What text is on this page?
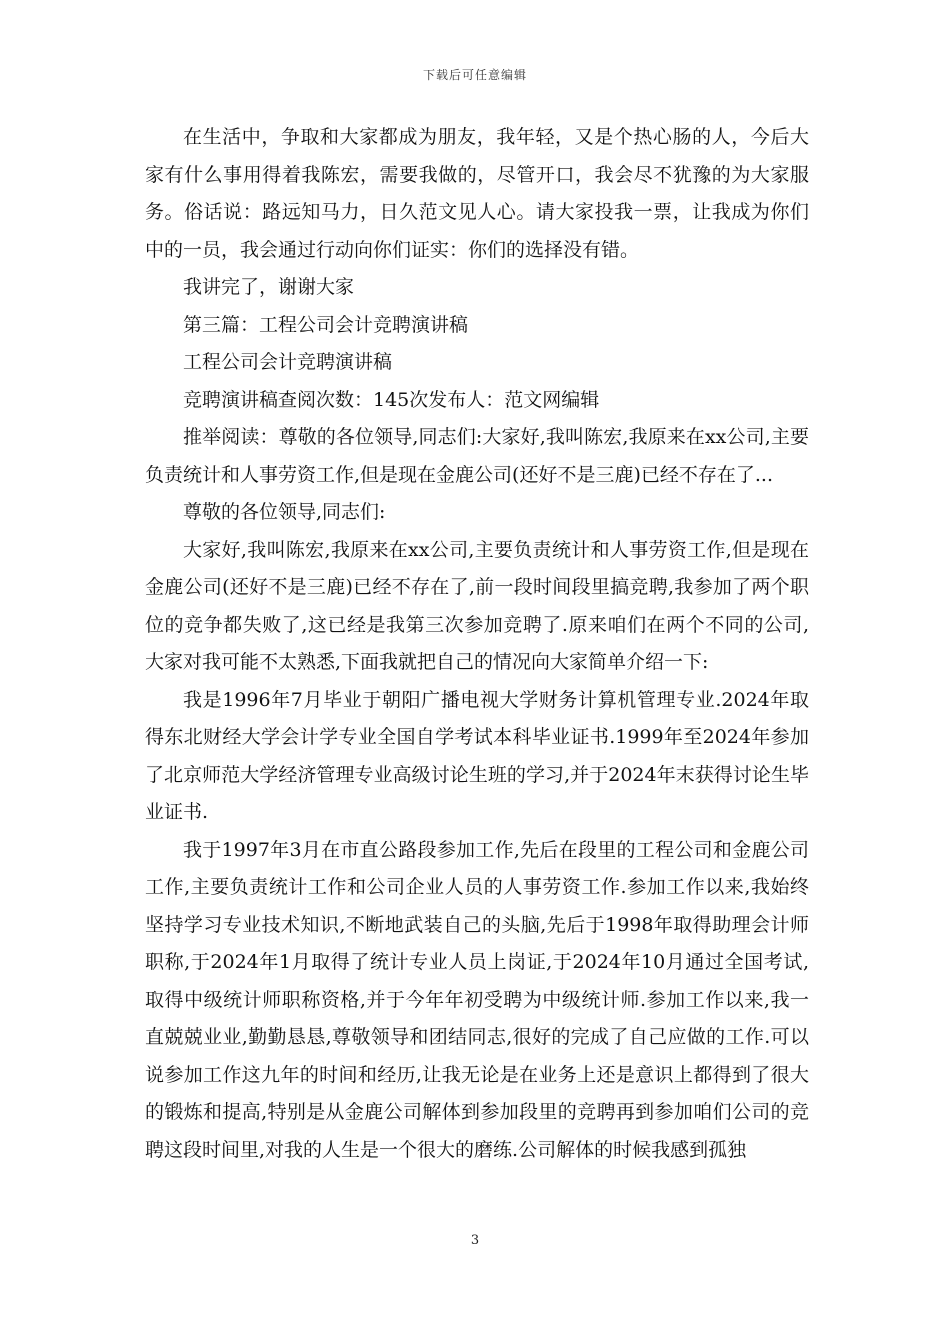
下载后可任意编辑

在生活中，争取和大家都成为朋友，我年轻，又是个热心肠的人，今后大家有什么事用得着我陈宏，需要我做的，尽管开口，我会尽不犹豫的为大家服务。俗话说：路远知马力，日久范文见人心。请大家投我一票，让我成为你们中的一员，我会通过行动向你们证实：你们的选择没有错。

我讲完了，谢谢大家

第三篇：工程公司会计竞聘演讲稿

工程公司会计竞聘演讲稿

竞聘演讲稿查阅次数：145次发布人：范文网编辑

推举阅读：尊敬的各位领导,同志们:大家好,我叫陈宏,我原来在xx公司,主要负责统计和人事劳资工作,但是现在金鹿公司(还好不是三鹿)已经不存在了...

尊敬的各位领导,同志们:

大家好,我叫陈宏,我原来在xx公司,主要负责统计和人事劳资工作,但是现在金鹿公司(还好不是三鹿)已经不存在了,前一段时间段里搞竞聘,我参加了两个职位的竞争都失败了,这已经是我第三次参加竞聘了.原来咱们在两个不同的公司,大家对我可能不太熟悉,下面我就把自己的情况向大家简单介绍一下:

我是1996年7月毕业于朝阳广播电视大学财务计算机管理专业.2024年取得东北财经大学会计学专业全国自学考试本科毕业证书.1999年至2024年参加了北京师范大学经济管理专业高级讨论生班的学习,并于2024年末获得讨论生毕业证书.

我于1997年3月在市直公路段参加工作,先后在段里的工程公司和金鹿公司工作,主要负责统计工作和公司企业人员的人事劳资工作.参加工作以来,我始终坚持学习专业技术知识,不断地武装自己的头脑,先后于1998年取得助理会计师职称,于2024年1月取得了统计专业人员上岗证,于2024年10月通过全国考试,取得中级统计师职称资格,并于今年年初受聘为中级统计师.参加工作以来,我一直兢兢业业,勤勤恳恳,尊敬领导和团结同志,很好的完成了自己应做的工作.可以说参加工作这九年的时间和经历,让我无论是在业务上还是意识上都得到了很大的锻炼和提高,特别是从金鹿公司解体到参加段里的竞聘再到参加咱们公司的竞聘这段时间里,对我的人生是一个很大的磨练.公司解体的时候我感到孤独

3
